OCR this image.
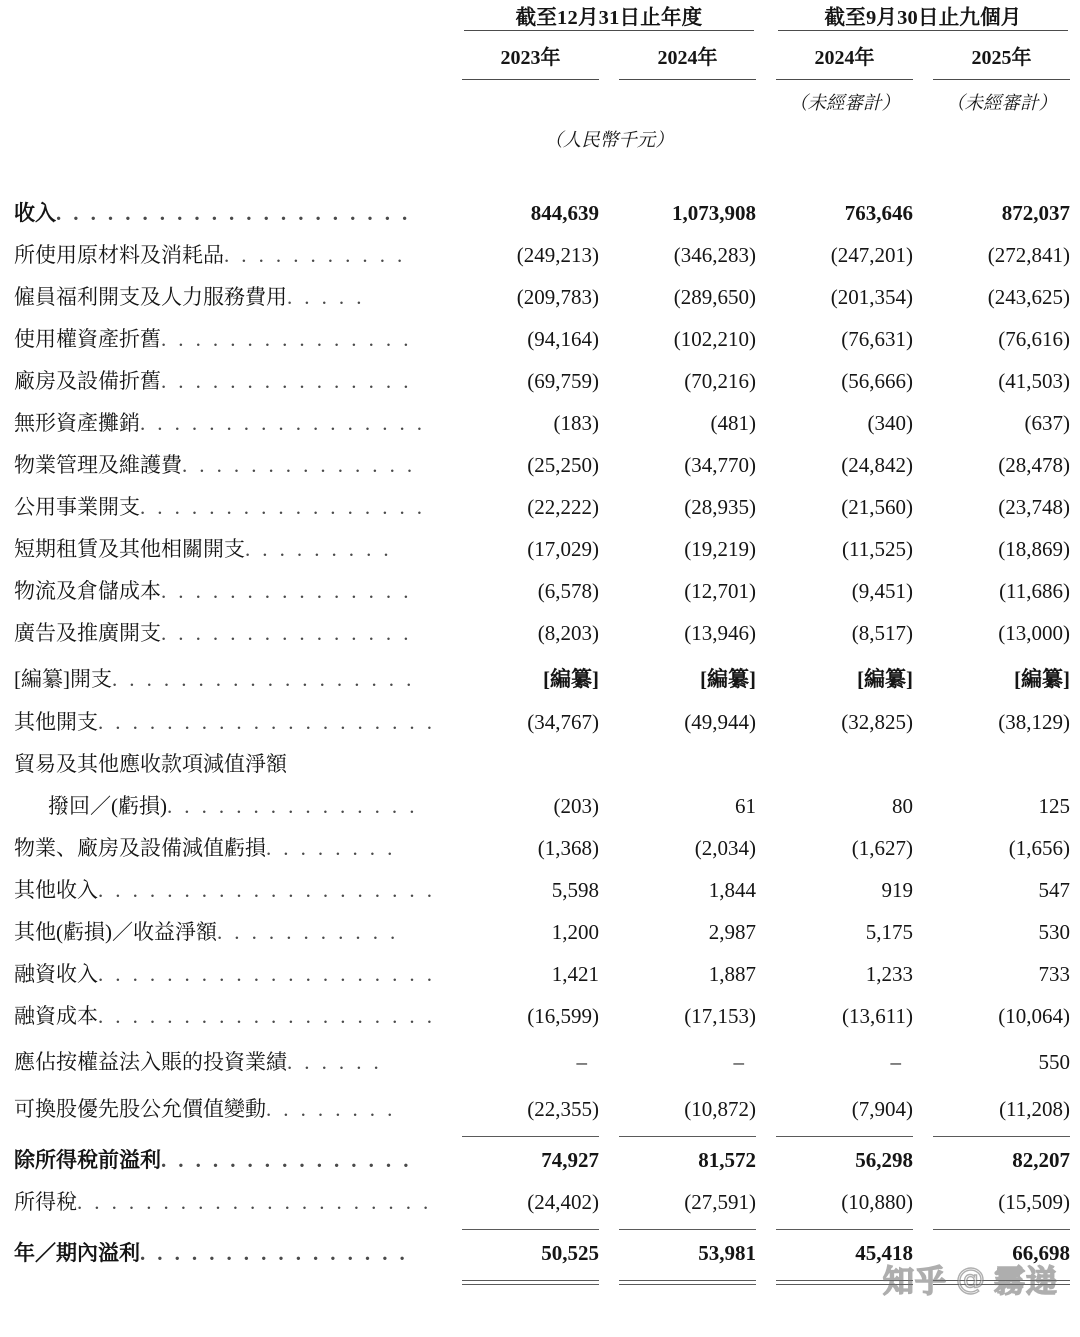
	截至12月31日止年度		截至9月30日止九個月	

	2023年	2024年	2024年	2025年

			（未經審計）	（未經審計）
	（人民幣千元）			

收入. . . . . . . . . . . . . . . . . . . . .	844,639	1,073,908	763,646	872,037
所使用原材料及消耗品. . . . . . . . . . .	(249,213)	(346,283)	(247,201)	(272,841)
僱員福利開支及人力服務費用. . . . .	(209,783)	(289,650)	(201,354)	(243,625)
使用權資產折舊. . . . . . . . . . . . . . .	(94,164)	(102,210)	(76,631)	(76,616)
廠房及設備折舊. . . . . . . . . . . . . . .	(69,759)	(70,216)	(56,666)	(41,503)
無形資產攤銷. . . . . . . . . . . . . . . . .	(183)	(481)	(340)	(637)
物業管理及維護費. . . . . . . . . . . . . .	(25,250)	(34,770)	(24,842)	(28,478)
公用事業開支. . . . . . . . . . . . . . . . .	(22,222)	(28,935)	(21,560)	(23,748)
短期租賃及其他相關開支. . . . . . . . .	(17,029)	(19,219)	(11,525)	(18,869)
物流及倉儲成本. . . . . . . . . . . . . . .	(6,578)	(12,701)	(9,451)	(11,686)
廣告及推廣開支. . . . . . . . . . . . . . .	(8,203)	(13,946)	(8,517)	(13,000)
[編纂]開支. . . . . . . . . . . . . . . . . .	[編纂]	[編纂]	[編纂]	[編纂]
其他開支. . . . . . . . . . . . . . . . . . . .	(34,767)	(49,944)	(32,825)	(38,129)
貿易及其他應收款項減值淨額				
撥回／(虧損). . . . . . . . . . . . . . .	(203)	61	80	125
物業、廠房及設備減值虧損. . . . . . . .	(1,368)	(2,034)	(1,627)	(1,656)
其他收入. . . . . . . . . . . . . . . . . . . .	5,598	1,844	919	547
其他(虧損)／收益淨額. . . . . . . . . . .	1,200	2,987	5,175	530
融資收入. . . . . . . . . . . . . . . . . . . .	1,421	1,887	1,233	733
融資成本. . . . . . . . . . . . . . . . . . . .	(16,599)	(17,153)	(13,611)	(10,064)
應佔按權益法入賬的投資業績. . . . . .	–	–	–	550
可換股優先股公允價值變動. . . . . . . .	(22,355)	(10,872)	(7,904)	(11,208)

除所得稅前溢利. . . . . . . . . . . . . . .	74,927	81,572	56,298	82,207
所得稅. . . . . . . . . . . . . . . . . . . . .	(24,402)	(27,591)	(10,880)	(15,509)

年／期內溢利. . . . . . . . . . . . . . . .	50,525	53,981	45,418	66,698

知乎 @ 霧递
